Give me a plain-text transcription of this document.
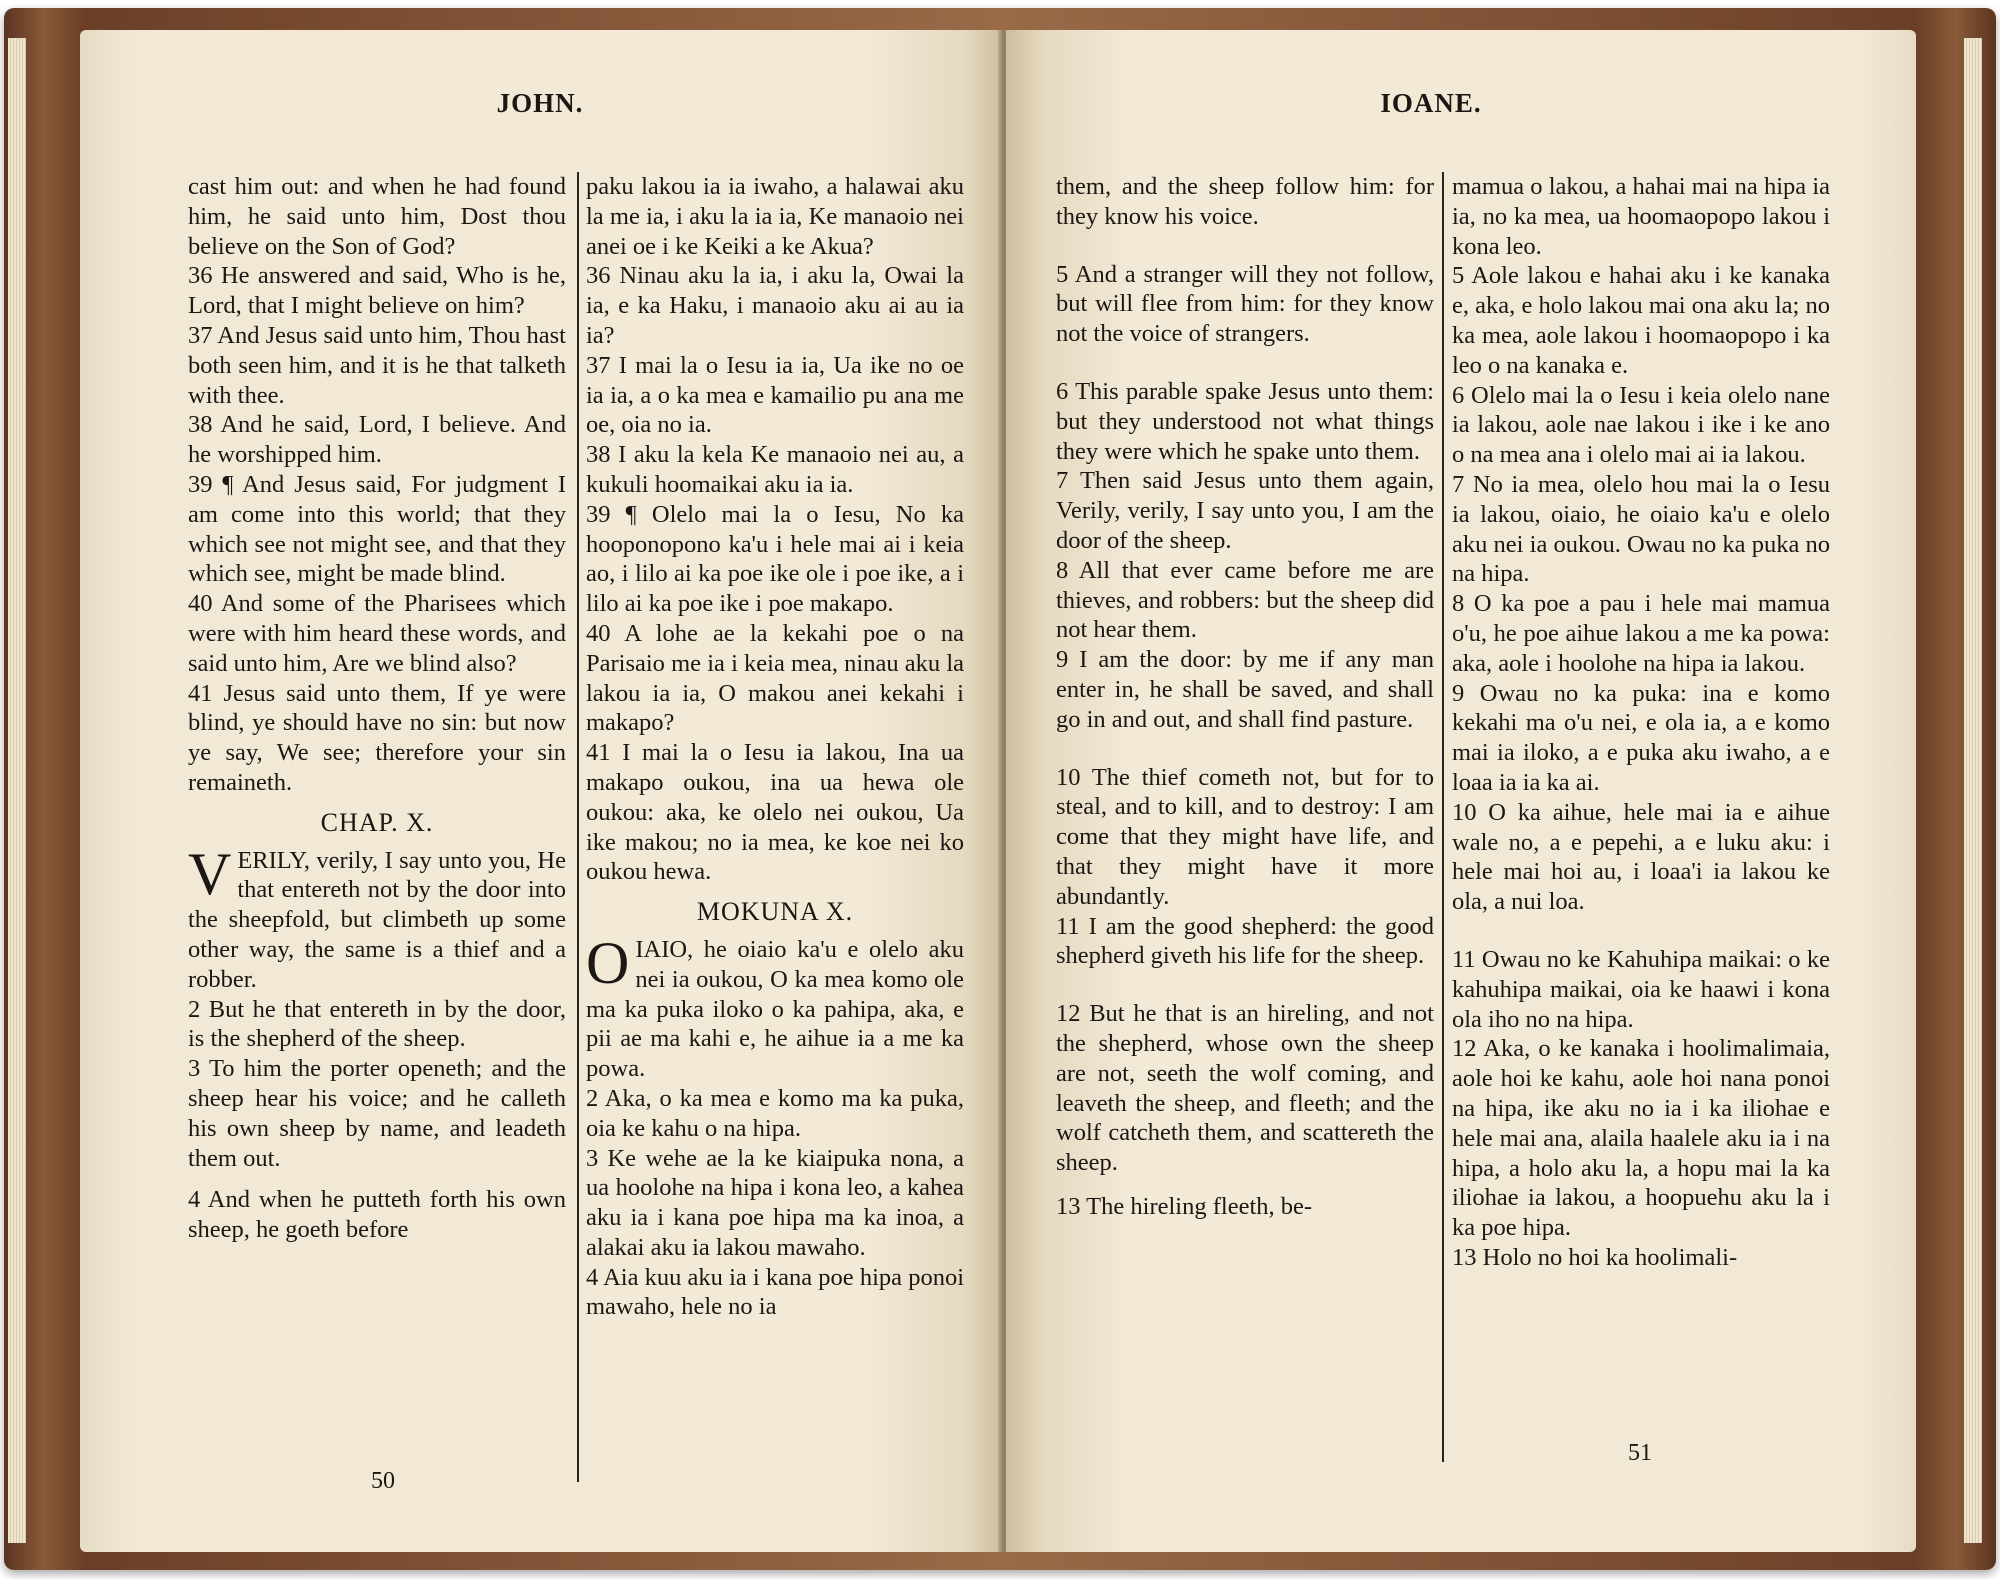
JOHN.

cast him out: and when he had found him, he said unto him, Dost thou believe on the Son of God?

36 He answered and said, Who is he, Lord, that I might believe on him?

37 And Jesus said unto him, Thou hast both seen him, and it is he that talketh with thee.

38 And he said, Lord, I believe. And he worshipped him.

39 ¶ And Jesus said, For judgment I am come into this world; that they which see not might see, and that they which see, might be made blind.

40 And some of the Pharisees which were with him heard these words, and said unto him, Are we blind also?

41 Jesus said unto them, If ye were blind, ye should have no sin: but now ye say, We see; therefore your sin remaineth.

CHAP. X.

VERILY, verily, I say unto you, He that entereth not by the door into the sheepfold, but climbeth up some other way, the same is a thief and a robber.

2 But he that entereth in by the door, is the shepherd of the sheep.

3 To him the porter openeth; and the sheep hear his voice; and he calleth his own sheep by name, and leadeth them out.

4 And when he putteth forth his own sheep, he goeth before

paku lakou ia ia iwaho, a halawai aku la me ia, i aku la ia ia, Ke manaoio nei anei oe i ke Keiki a ke Akua?

36 Ninau aku la ia, i aku la, Owai la ia, e ka Haku, i manaoio aku ai au ia ia?

37 I mai la o Iesu ia ia, Ua ike no oe ia ia, a o ka mea e kamailio pu ana me oe, oia no ia.

38 I aku la kela Ke manaoio nei au, a kukuli hoomaikai aku ia ia.

39 ¶ Olelo mai la o Iesu, No ka hooponopono ka'u i hele mai ai i keia ao, i lilo ai ka poe ike ole i poe ike, a i lilo ai ka poe ike i poe makapo.

40 A lohe ae la kekahi poe o na Parisaio me ia i keia mea, ninau aku la lakou ia ia, O makou anei kekahi i makapo?

41 I mai la o Iesu ia lakou, Ina ua makapo oukou, ina ua hewa ole oukou: aka, ke olelo nei oukou, Ua ike makou; no ia mea, ke koe nei ko oukou hewa.

MOKUNA X.

OIAIO, he oiaio ka'u e olelo aku nei ia oukou, O ka mea komo ole ma ka puka iloko o ka pahipa, aka, e pii ae ma kahi e, he aihue ia a me ka powa.

2 Aka, o ka mea e komo ma ka puka, oia ke kahu o na hipa.

3 Ke wehe ae la ke kiaipuka nona, a ua hoolohe na hipa i kona leo, a kahea aku ia i kana poe hipa ma ka inoa, a alakai aku ia lakou mawaho.

4 Aia kuu aku ia i kana poe hipa ponoi mawaho, hele no ia

50
IOANE.

them, and the sheep follow him: for they know his voice.

5 And a stranger will they not follow, but will flee from him: for they know not the voice of strangers.

6 This parable spake Jesus unto them: but they understood not what things they were which he spake unto them.

7 Then said Jesus unto them again, Verily, verily, I say unto you, I am the door of the sheep.

8 All that ever came before me are thieves, and robbers: but the sheep did not hear them.

9 I am the door: by me if any man enter in, he shall be saved, and shall go in and out, and shall find pasture.

10 The thief cometh not, but for to steal, and to kill, and to destroy: I am come that they might have life, and that they might have it more abundantly.

11 I am the good shepherd: the good shepherd giveth his life for the sheep.

12 But he that is an hireling, and not the shepherd, whose own the sheep are not, seeth the wolf coming, and leaveth the sheep, and fleeth; and the wolf catcheth them, and scattereth the sheep.

13 The hireling fleeth, be-

mamua o lakou, a hahai mai na hipa ia ia, no ka mea, ua hoomaopopo lakou i kona leo.

5 Aole lakou e hahai aku i ke kanaka e, aka, e holo lakou mai ona aku la; no ka mea, aole lakou i hoomaopopo i ka leo o na kanaka e.

6 Olelo mai la o Iesu i keia olelo nane ia lakou, aole nae lakou i ike i ke ano o na mea ana i olelo mai ai ia lakou.

7 No ia mea, olelo hou mai la o Iesu ia lakou, oiaio, he oiaio ka'u e olelo aku nei ia oukou. Owau no ka puka no na hipa.

8 O ka poe a pau i hele mai mamua o'u, he poe aihue lakou a me ka powa: aka, aole i hoolohe na hipa ia lakou.

9 Owau no ka puka: ina e komo kekahi ma o'u nei, e ola ia, a e komo mai ia iloko, a e puka aku iwaho, a e loaa ia ia ka ai.

10 O ka aihue, hele mai ia e aihue wale no, a e pepehi, a e luku aku: i hele mai hoi au, i loaa'i ia lakou ke ola, a nui loa.

11 Owau no ke Kahuhipa maikai: o ke kahuhipa maikai, oia ke haawi i kona ola iho no na hipa.

12 Aka, o ke kanaka i hoolimalimaia, aole hoi ke kahu, aole hoi nana ponoi na hipa, ike aku no ia i ka iliohae e hele mai ana, alaila haalele aku ia i na hipa, a holo aku la, a hopu mai la ka iliohae ia lakou, a hoopuehu aku la i ka poe hipa.

13 Holo no hoi ka hoolimali-

51
